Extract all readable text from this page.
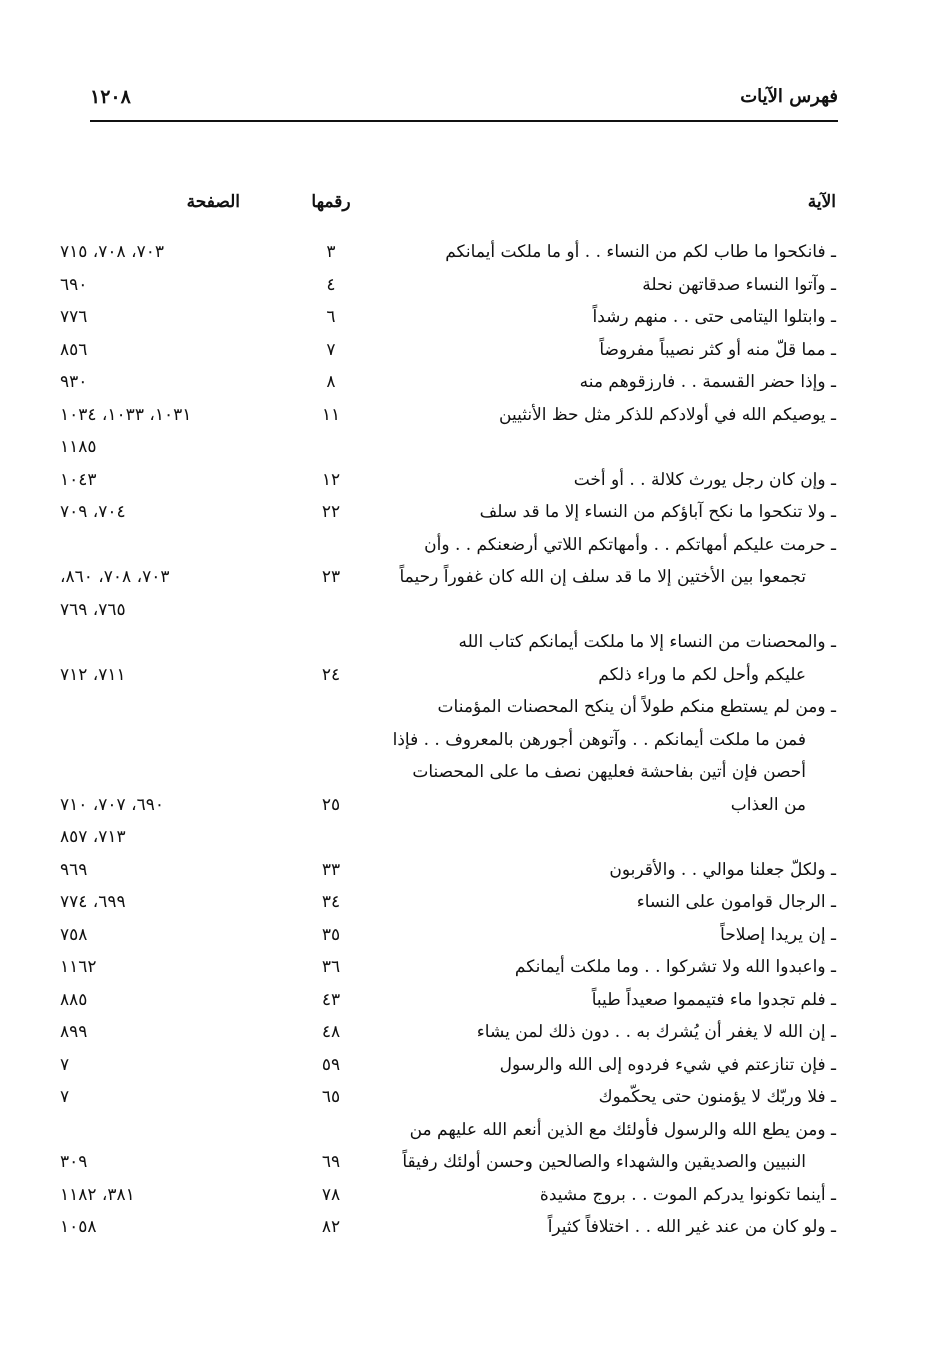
فهرس الآيات
١٢٠٨
الآية
رقمها
الصفحة
ـ فانكحوا ما طاب لكم من النساء . . أو ما ملكت أيمانكم
٣
٧٠٣، ٧٠٨، ٧١٥
ـ وآتوا النساء صدقاتهن نحلة
٤
٦٩٠
ـ وابتلوا اليتامى حتى . . منهم رشداً
٦
٧٧٦
ـ مما قلّ منه أو كثر نصيباً مفروضاً
٧
٨٥٦
ـ وإذا حضر القسمة . . فارزقوهم منه
٨
٩٣٠
ـ يوصيكم الله في أولادكم للذكر مثل حظ الأنثيين
١١
١٠٣١، ١٠٣٣، ١٠٣٤
١١٨٥
ـ وإن كان رجل يورث كلالة . . أو أخت
١٢
١٠٤٣
ـ ولا تنكحوا ما نكح آباؤكم من النساء إلا ما قد سلف
٢٢
٧٠٤، ٧٠٩
ـ حرمت عليكم أمهاتكم . . وأمهاتكم اللاتي أرضعنكم . . وأن
تجمعوا بين الأختين إلا ما قد سلف إن الله كان غفوراً رحيماً
٢٣
٧٠٣، ٧٠٨، ٨٦٠،
٧٦٥، ٧٦٩
ـ والمحصنات من النساء إلا ما ملكت أيمانكم كتاب الله
عليكم وأحل لكم ما وراء ذلكم
٢٤
٧١١، ٧١٢
ـ ومن لم يستطع منكم طولاً أن ينكح المحصنات المؤمنات
فمن ما ملكت أيمانكم . . وآتوهن أجورهن بالمعروف . . فإذا
أحصن فإن أتين بفاحشة فعليهن نصف ما على المحصنات
من العذاب
٢٥
٦٩٠، ٧٠٧، ٧١٠
٧١٣، ٨٥٧
ـ ولكلّ جعلنا موالي . . والأقربون
٣٣
٩٦٩
ـ الرجال قوامون على النساء
٣٤
٦٩٩، ٧٧٤
ـ إن يريدا إصلاحاً
٣٥
٧٥٨
ـ واعبدوا الله ولا تشركوا . . وما ملكت أيمانكم
٣٦
١١٦٢
ـ فلم تجدوا ماء فتيمموا صعيداً طيباً
٤٣
٨٨٥
ـ إن الله لا يغفر أن يُشرك به . . دون ذلك لمن يشاء
٤٨
٨٩٩
ـ فإن تنازعتم في شيء فردوه إلى الله والرسول
٥٩
٧
ـ فلا وربّك لا يؤمنون حتى يحكّموك
٦٥
٧
ـ ومن يطع الله والرسول فأولئك مع الذين أنعم الله عليهم من
النبيين والصديقين والشهداء والصالحين وحسن أولئك رفيقاً
٦٩
٣٠٩
ـ أينما تكونوا يدركم الموت . . بروج مشيدة
٧٨
٣٨١، ١١٨٢
ـ ولو كان من عند غير الله . . اختلافاً كثيراً
٨٢
١٠٥٨
